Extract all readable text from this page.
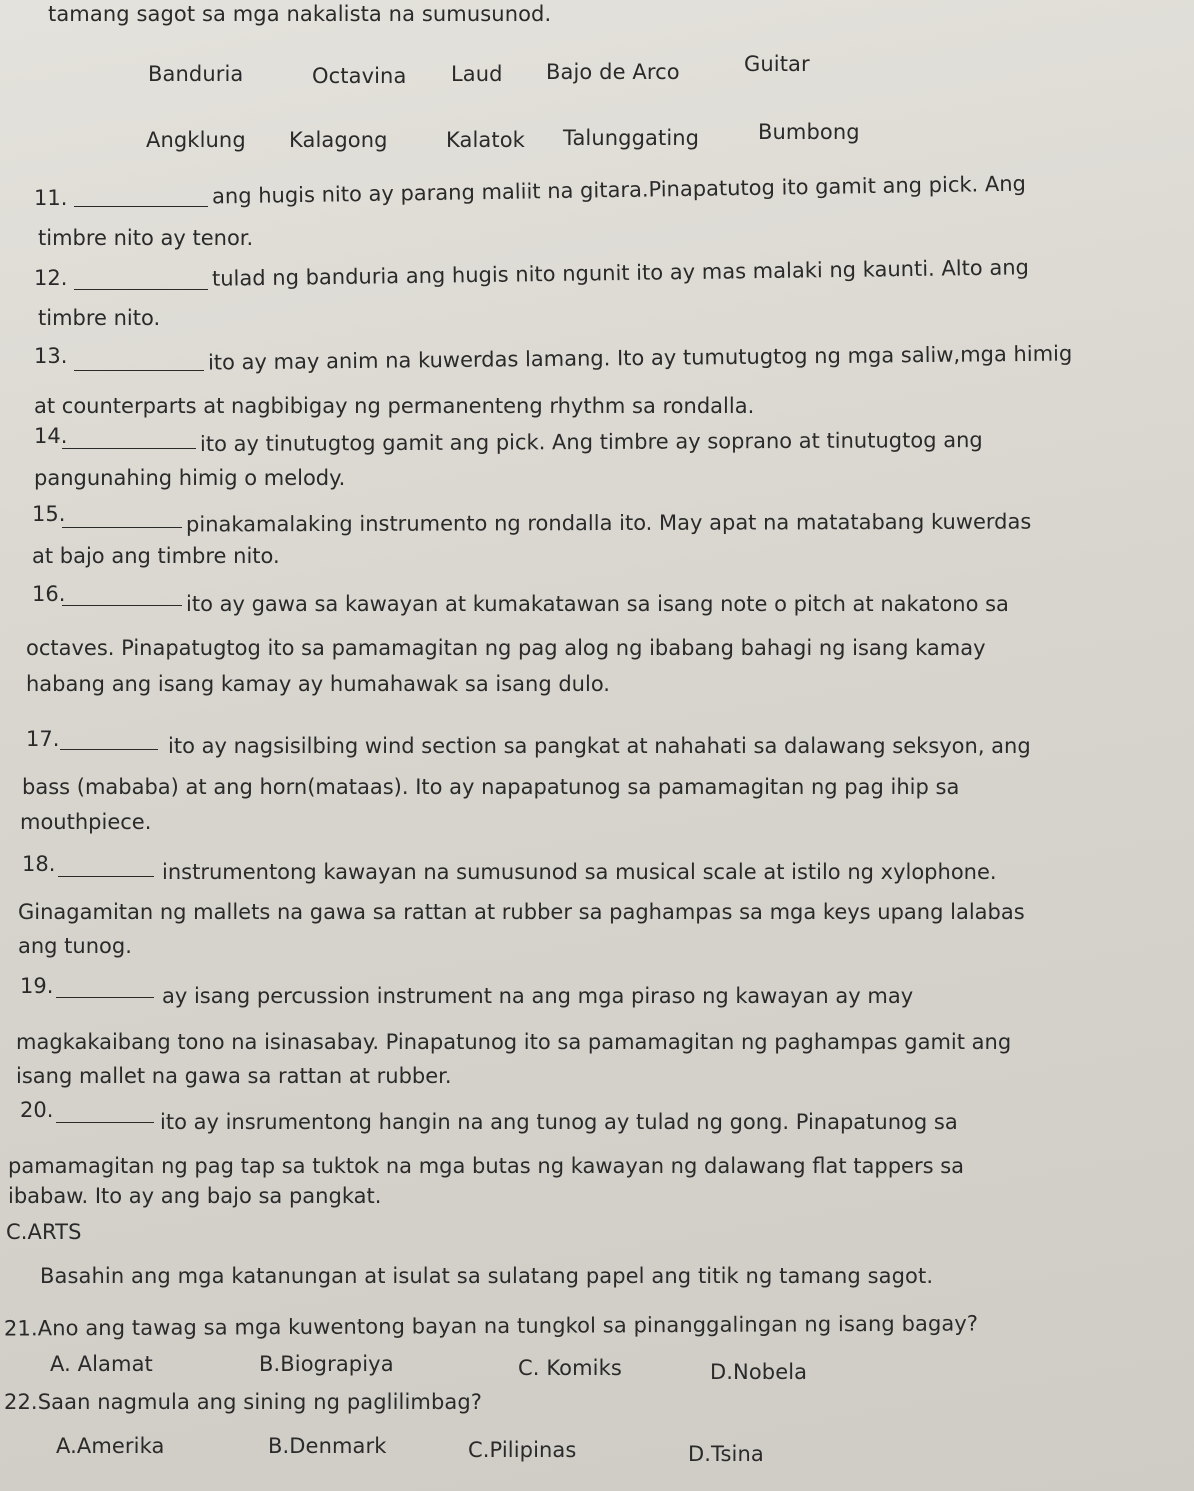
tamang sagot sa mga nakalista na sumusunod.
Banduria	Octavina Laud Bajo de Arco	Guitar
Angklung Kalagong	Kalatok Talunggating	Bumbong
11.	ang hugis nito ay parang maliit na gitara.Pinapatutog ito gamit ang pick. Ang
timbre nito ay tenor.
12.	tulad ng banduria ang hugis nito ngunit ito ay mas malaki ng kaunti. Alto ang
timbre nito.
13.	ito ay may anim na kuwerdas lamang. Ito ay tumutugtog ng mga saliw,mga himig
at counterparts at nagbibigay ng permanenteng rhythm sa rondalla.
14.	ito ay tinutugtog gamit ang pick. Ang timbre ay soprano at tinutugtog ang
pangunahing himig o melody.
15.	pinakamalaking instrumento ng rondalla ito. May apat na matatabang kuwerdas
at bajo ang timbre nito.
16.	ito ay gawa sa kawayan at kumakatawan sa isang note o pitch at nakatono sa
octaves. Pinapatugtog ito sa pamamagitan ng pag alog ng ibabang bahagi ng isang kamay
habang ang isang kamay ay humahawak sa isang dulo.
17.	ito ay nagsisilbing wind section sa pangkat at nahahati sa dalawang seksyon, ang
bass (mababa) at ang horn(mataas). Ito ay napapatunog sa pamamagitan ng pag ihip sa
mouthpiece.
18.	instrumentong kawayan na sumusunod sa musical scale at istilo ng xylophone.
Ginagamitan ng mallets na gawa sa rattan at rubber sa paghampas sa mga keys upang lalabas
ang tunog.
19.	ay isang percussion instrument na ang mga piraso ng kawayan ay may
magkakaibang tono na isinasabay. Pinapatunog ito sa pamamagitan ng paghampas gamit ang
isang mallet na gawa sa rattan at rubber.
20.	ito ay insrumentong hangin na ang tunog ay tulad ng gong. Pinapatunog sa
pamamagitan ng pag tap sa tuktok na mga butas ng kawayan ng dalawang flat tappers sa
ibabaw. Ito ay ang bajo sa pangkat.
C.ARTS
Basahin ang mga katanungan at isulat sa sulatang papel ang titik ng tamang sagot.
21.Ano ang tawag sa mga kuwentong bayan na tungkol sa pinanggalingan ng isang bagay?
A. Alamat	B.Biograpiya	C. Komiks	D.Nobela
22.Saan nagmula ang sining ng paglilimbag?
A.Amerika	B.Denmark	C.Pilipinas	D.Tsina
